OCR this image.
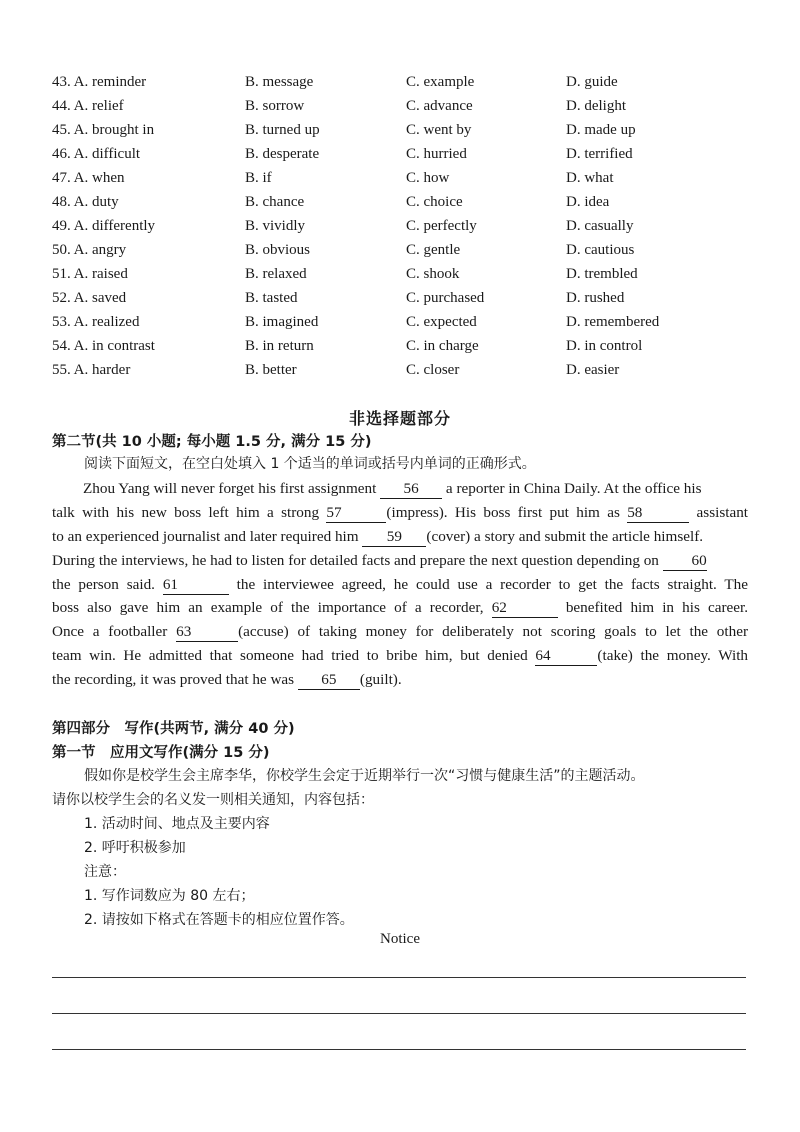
43. A. reminder	B. message	C. example	D. guide
44. A. relief	B. sorrow	C. advance	D. delight
45. A. brought in	B. turned up	C. went by	D. made up
46. A. difficult	B. desperate	C. hurried	D. terrified
47. A. when	B. if	C. how	D. what
48. A. duty	B. chance	C. choice	D. idea
49. A. differently	B. vividly	C. perfectly	D. casually
50. A. angry	B. obvious	C. gentle	D. cautious
51. A. raised	B. relaxed	C. shook	D. trembled
52. A. saved	B. tasted	C. purchased	D. rushed
53. A. realized	B. imagined	C. expected	D. remembered
54. A. in contrast	B. in return	C. in charge	D. in control
55. A. harder	B. better	C. closer	D. easier
非选择题部分
第二节(共 10 小题; 每小题 1.5 分, 满分 15 分)
阅读下面短文，在空白处填入 1 个适当的单词或括号内单词的正确形式。
Zhou Yang will never forget his first assignment 56 a reporter in China Daily. At the office his
talk with his new boss left him a strong 57	(impress). His boss first put him as 58	assistant
to an experienced journalist and later required him 59 (cover) a story and submit the article himself.
During the interviews, he had to listen for detailed facts and prepare the next question depending on 60
the person said. 61	the interviewee agreed, he could use a recorder to get the facts straight. The
boss also gave him an example of the importance of a recorder, 62	benefited him in his career.
Once a footballer 63	(accuse) of taking money for deliberately not scoring goals to let the other
team win. He admitted that someone had tried to bribe him, but denied 64	(take) the money. With
the recording, it was proved that he was 65 (guilt).
第四部分　写作(共两节, 满分 40 分)
第一节　应用文写作(满分 15 分)
假如你是校学生会主席李华，你校学生会定于近期举行一次“习惯与健康生活”的主题活动。
请你以校学生会的名义发一则相关通知，内容包括：
1. 活动时间、地点及主要内容
2. 呼吁积极参加
注意：
1. 写作词数应为 80 左右；
2. 请按如下格式在答题卡的相应位置作答。
Notice
